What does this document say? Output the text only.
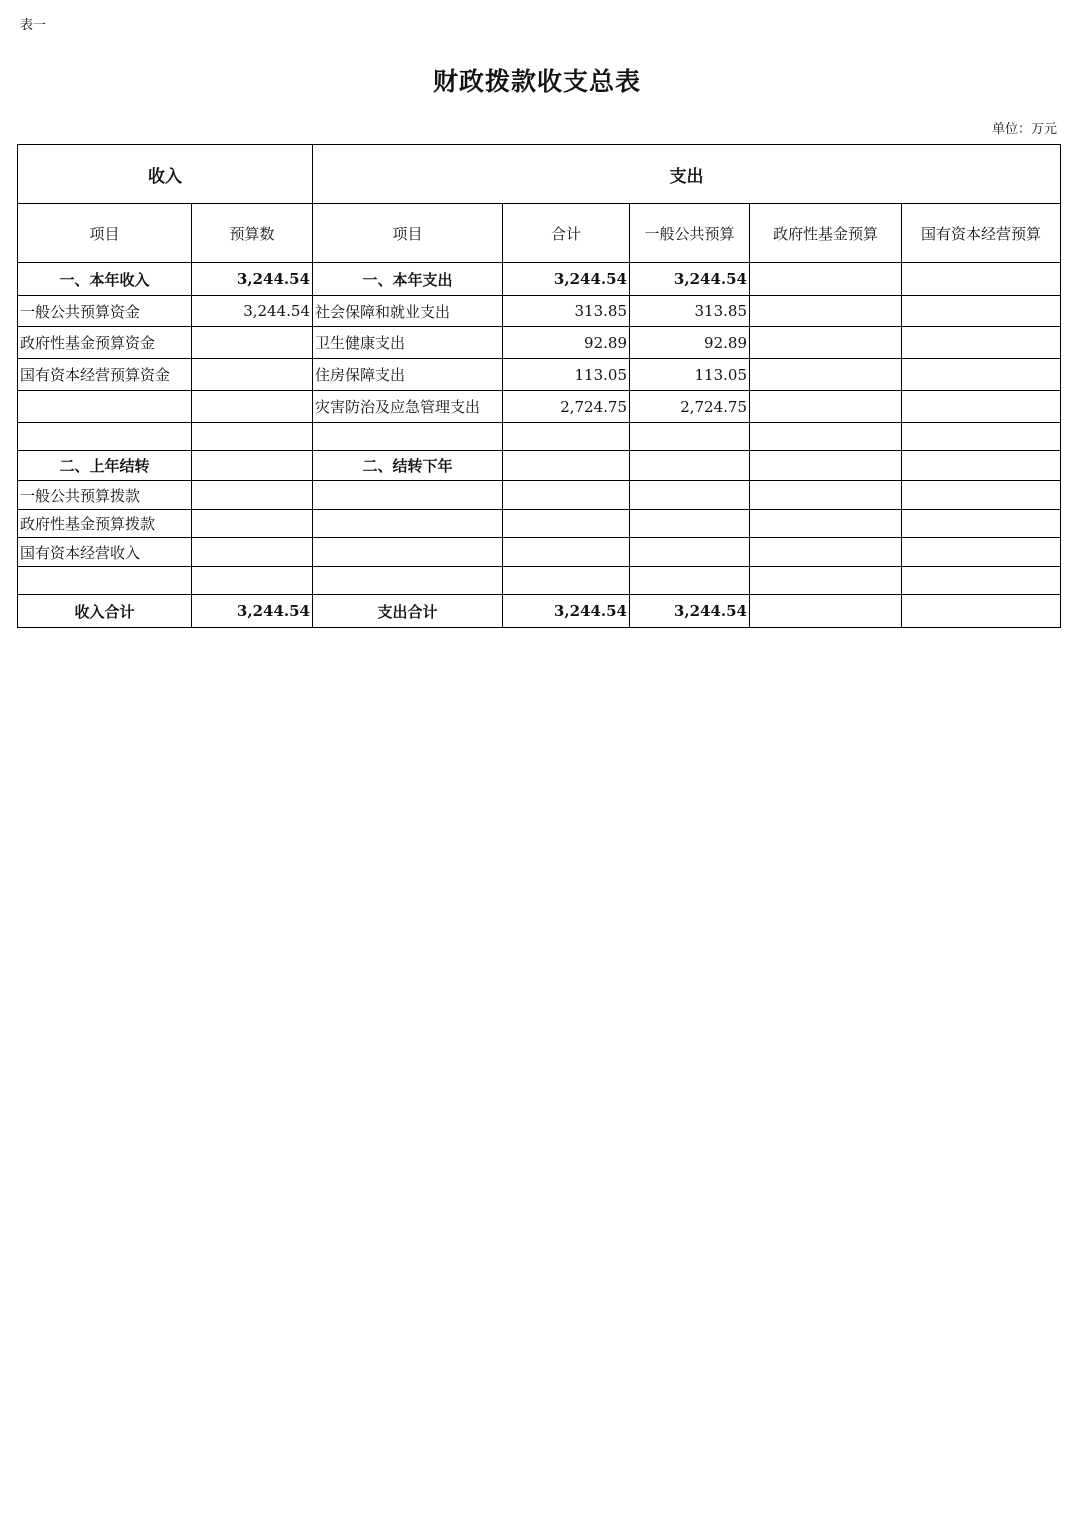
表一
财政拨款收支总表
单位：万元
收入		支出				
项目	预算数	项目	合计	一般公共预算	政府性基金预算	国有资本经营预算
一、本年收入	3,244.54	一、本年支出	3,244.54	3,244.54		
一般公共预算资金	3,244.54	社会保障和就业支出	313.85	313.85		
政府性基金预算资金		卫生健康支出	92.89	92.89		
国有资本经营预算资金		住房保障支出	113.05	113.05		
		灾害防治及应急管理支出	2,724.75	2,724.75		

二、上年结转		二、结转下年				
一般公共预算拨款						
政府性基金预算拨款						
国有资本经营收入						

收入合计	3,244.54	支出合计	3,244.54	3,244.54		
